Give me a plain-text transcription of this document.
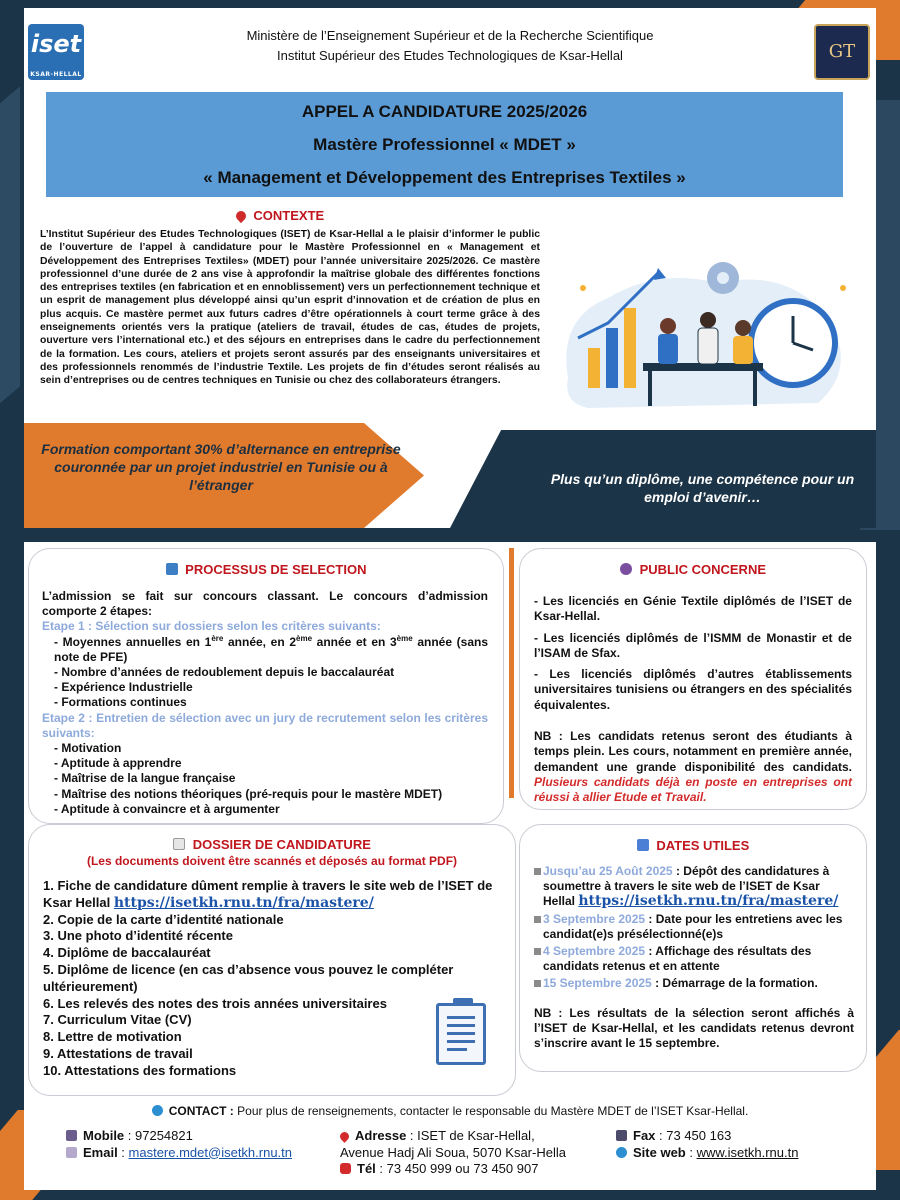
iset
KSAR-HELLAL
GT
Ministère de l’Enseignement Supérieur et de la Recherche Scientifique
Institut Supérieur des Etudes Technologiques de Ksar-Hellal
APPEL A CANDIDATURE 2025/2026
Mastère Professionnel « MDET »
« Management et Développement des Entreprises Textiles »
CONTEXTE
L’Institut Supérieur des Etudes Technologiques (ISET) de Ksar-Hellal a le plaisir d’informer le public de l’ouverture de l’appel à candidature pour le Mastère Professionnel en « Management et Développement des Entreprises Textiles» (MDET) pour l’année universitaire 2025/2026. Ce mastère professionnel d’une durée de 2 ans vise à approfondir la maîtrise globale des différentes fonctions des entreprises textiles (en fabrication et en ennoblissement) vers un perfectionnement technique et un esprit de management plus développé ainsi qu’un esprit d’innovation et de création de plus en plus acquis. Ce mastère permet aux futurs cadres d’être opérationnels à court terme grâce à des enseignements orientés vers la pratique (ateliers de travail, études de cas, études de projets, ouverture vers l’international etc.) et des séjours en entreprises dans le cadre du perfectionnement de la formation. Les cours, ateliers et projets seront assurés par des enseignants universitaires et des professionnels renommés de l’industrie Textile. Les projets de fin d’études seront réalisés au sein d’entreprises ou de centres techniques en Tunisie ou chez des collaborateurs étrangers.
Formation comportant 30% d’alternance en entreprise couronnée par un projet industriel en Tunisie ou à l’étranger	Plus qu’un diplôme, une compétence pour un emploi d’avenir…
PROCESSUS DE SELECTION
L’admission se fait sur concours classant. Le concours d’admission comporte 2 étapes:
Etape 1 : Sélection sur dossiers selon les critères suivants:
- Moyennes annuelles en 1ère année, en 2ème année et en 3ème année (sans note de PFE)
- Nombre d’années de redoublement depuis le baccalauréat
- Expérience Industrielle
- Formations continues
Etape 2 : Entretien de sélection avec un jury de recrutement selon les critères suivants:
- Motivation
- Aptitude à apprendre
- Maîtrise de la langue française
- Maîtrise des notions théoriques (pré-requis pour le mastère MDET)
- Aptitude à convaincre et à argumenter
PUBLIC CONCERNE

- Les licenciés en Génie Textile diplômés de l’ISET de Ksar-Hellal.

- Les licenciés diplômés de l’ISMM de Monastir et de l’ISAM de Sfax.

- Les licenciés diplômés d’autres établissements universitaires tunisiens ou étrangers en des spécialités équivalentes.

NB : Les candidats retenus seront des étudiants à temps plein. Les cours, notamment en première année, demandent une grande disponibilité des candidats. Plusieurs candidats déjà en poste en entreprises ont réussi à allier Etude et Travail.

DOSSIER DE CANDIDATURE
(Les documents doivent être scannés et déposés au format PDF)
1. Fiche de candidature dûment remplie à travers le site web de l’ISET de Ksar Hellal https://isetkh.rnu.tn/fra/mastere/
2. Copie de la carte d’identité nationale
3. Une photo d’identité récente
4. Diplôme de baccalauréat
5. Diplôme de licence (en cas d’absence vous pouvez le compléter ultérieurement)
6. Les relevés des notes des trois années universitaires
7. Curriculum Vitae (CV)
8. Lettre de motivation
9. Attestations de travail
10. Attestations des formations
DATES UTILES
Jusqu’au 25 Août 2025 : Dépôt des candidatures à soumettre à travers le site web de l’ISET de Ksar Hellal https://isetkh.rnu.tn/fra/mastere/
3 Septembre 2025 : Date pour les entretiens avec les candidat(e)s présélectionné(e)s
4 Septembre 2025 : Affichage des résultats des candidats retenus et en attente
15 Septembre 2025 : Démarrage de la formation.
NB : Les résultats de la sélection seront affichés à l’ISET de Ksar-Hellal, et les candidats retenus devront s’inscrire avant le 15 septembre.
CONTACT : Pour plus de renseignements, contacter le responsable du Mastère MDET de l’ISET Ksar-Hellal.
Mobile : 97254821
Email : mastere.mdet@isetkh.rnu.tn
Adresse : ISET de Ksar-Hellal,
Avenue Hadj Ali Soua, 5070 Ksar-Hella
Tél : 73 450 999 ou 73 450 907
Fax : 73 450 163
Site web : www.isetkh.rnu.tn
